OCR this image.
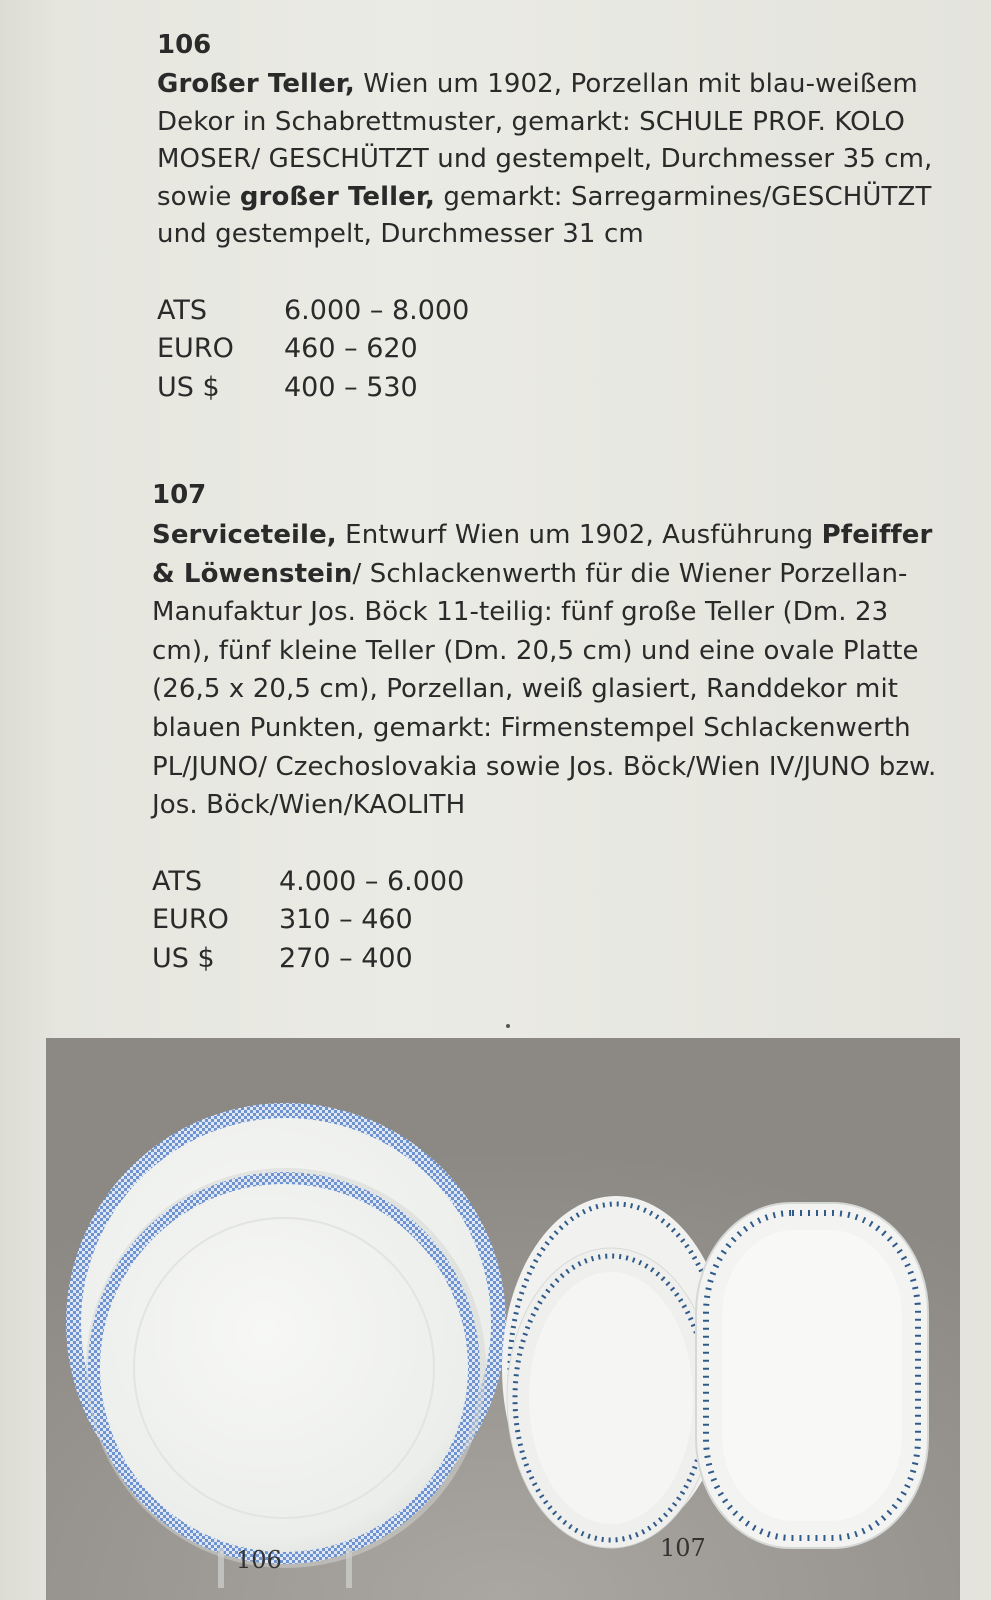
106
Großer Teller, Wien um 1902, Porzellan mit blau-weißem Dekor in Schabrettmuster, gemarkt: SCHULE PROF. KOLO MOSER/ GESCHÜTZT und gestempelt, Durchmesser 35 cm, sowie großer Teller, gemarkt: Sarregarmines/GESCHÜTZT und gestempelt, Durchmesser 31 cm
ATS	6.000 – 8.000
EURO	460 – 620
US $	400 – 530
107
Serviceteile, Entwurf Wien um 1902, Ausführung Pfeiffer & Löwenstein/ Schlackenwerth für die Wiener Porzellan-Manufaktur Jos. Böck 11-teilig: fünf große Teller (Dm. 23 cm), fünf kleine Teller (Dm. 20,5 cm) und eine ovale Platte (26,5 x 20,5 cm), Porzellan, weiß glasiert, Randdekor mit blauen Punkten, gemarkt: Firmenstempel Schlackenwerth PL/JUNO/ Czechoslovakia sowie Jos. Böck/Wien IV/JUNO bzw. Jos. Böck/Wien/KAOLITH
ATS	4.000 – 6.000
EURO	310 – 460
US $	270 – 400
106	107
